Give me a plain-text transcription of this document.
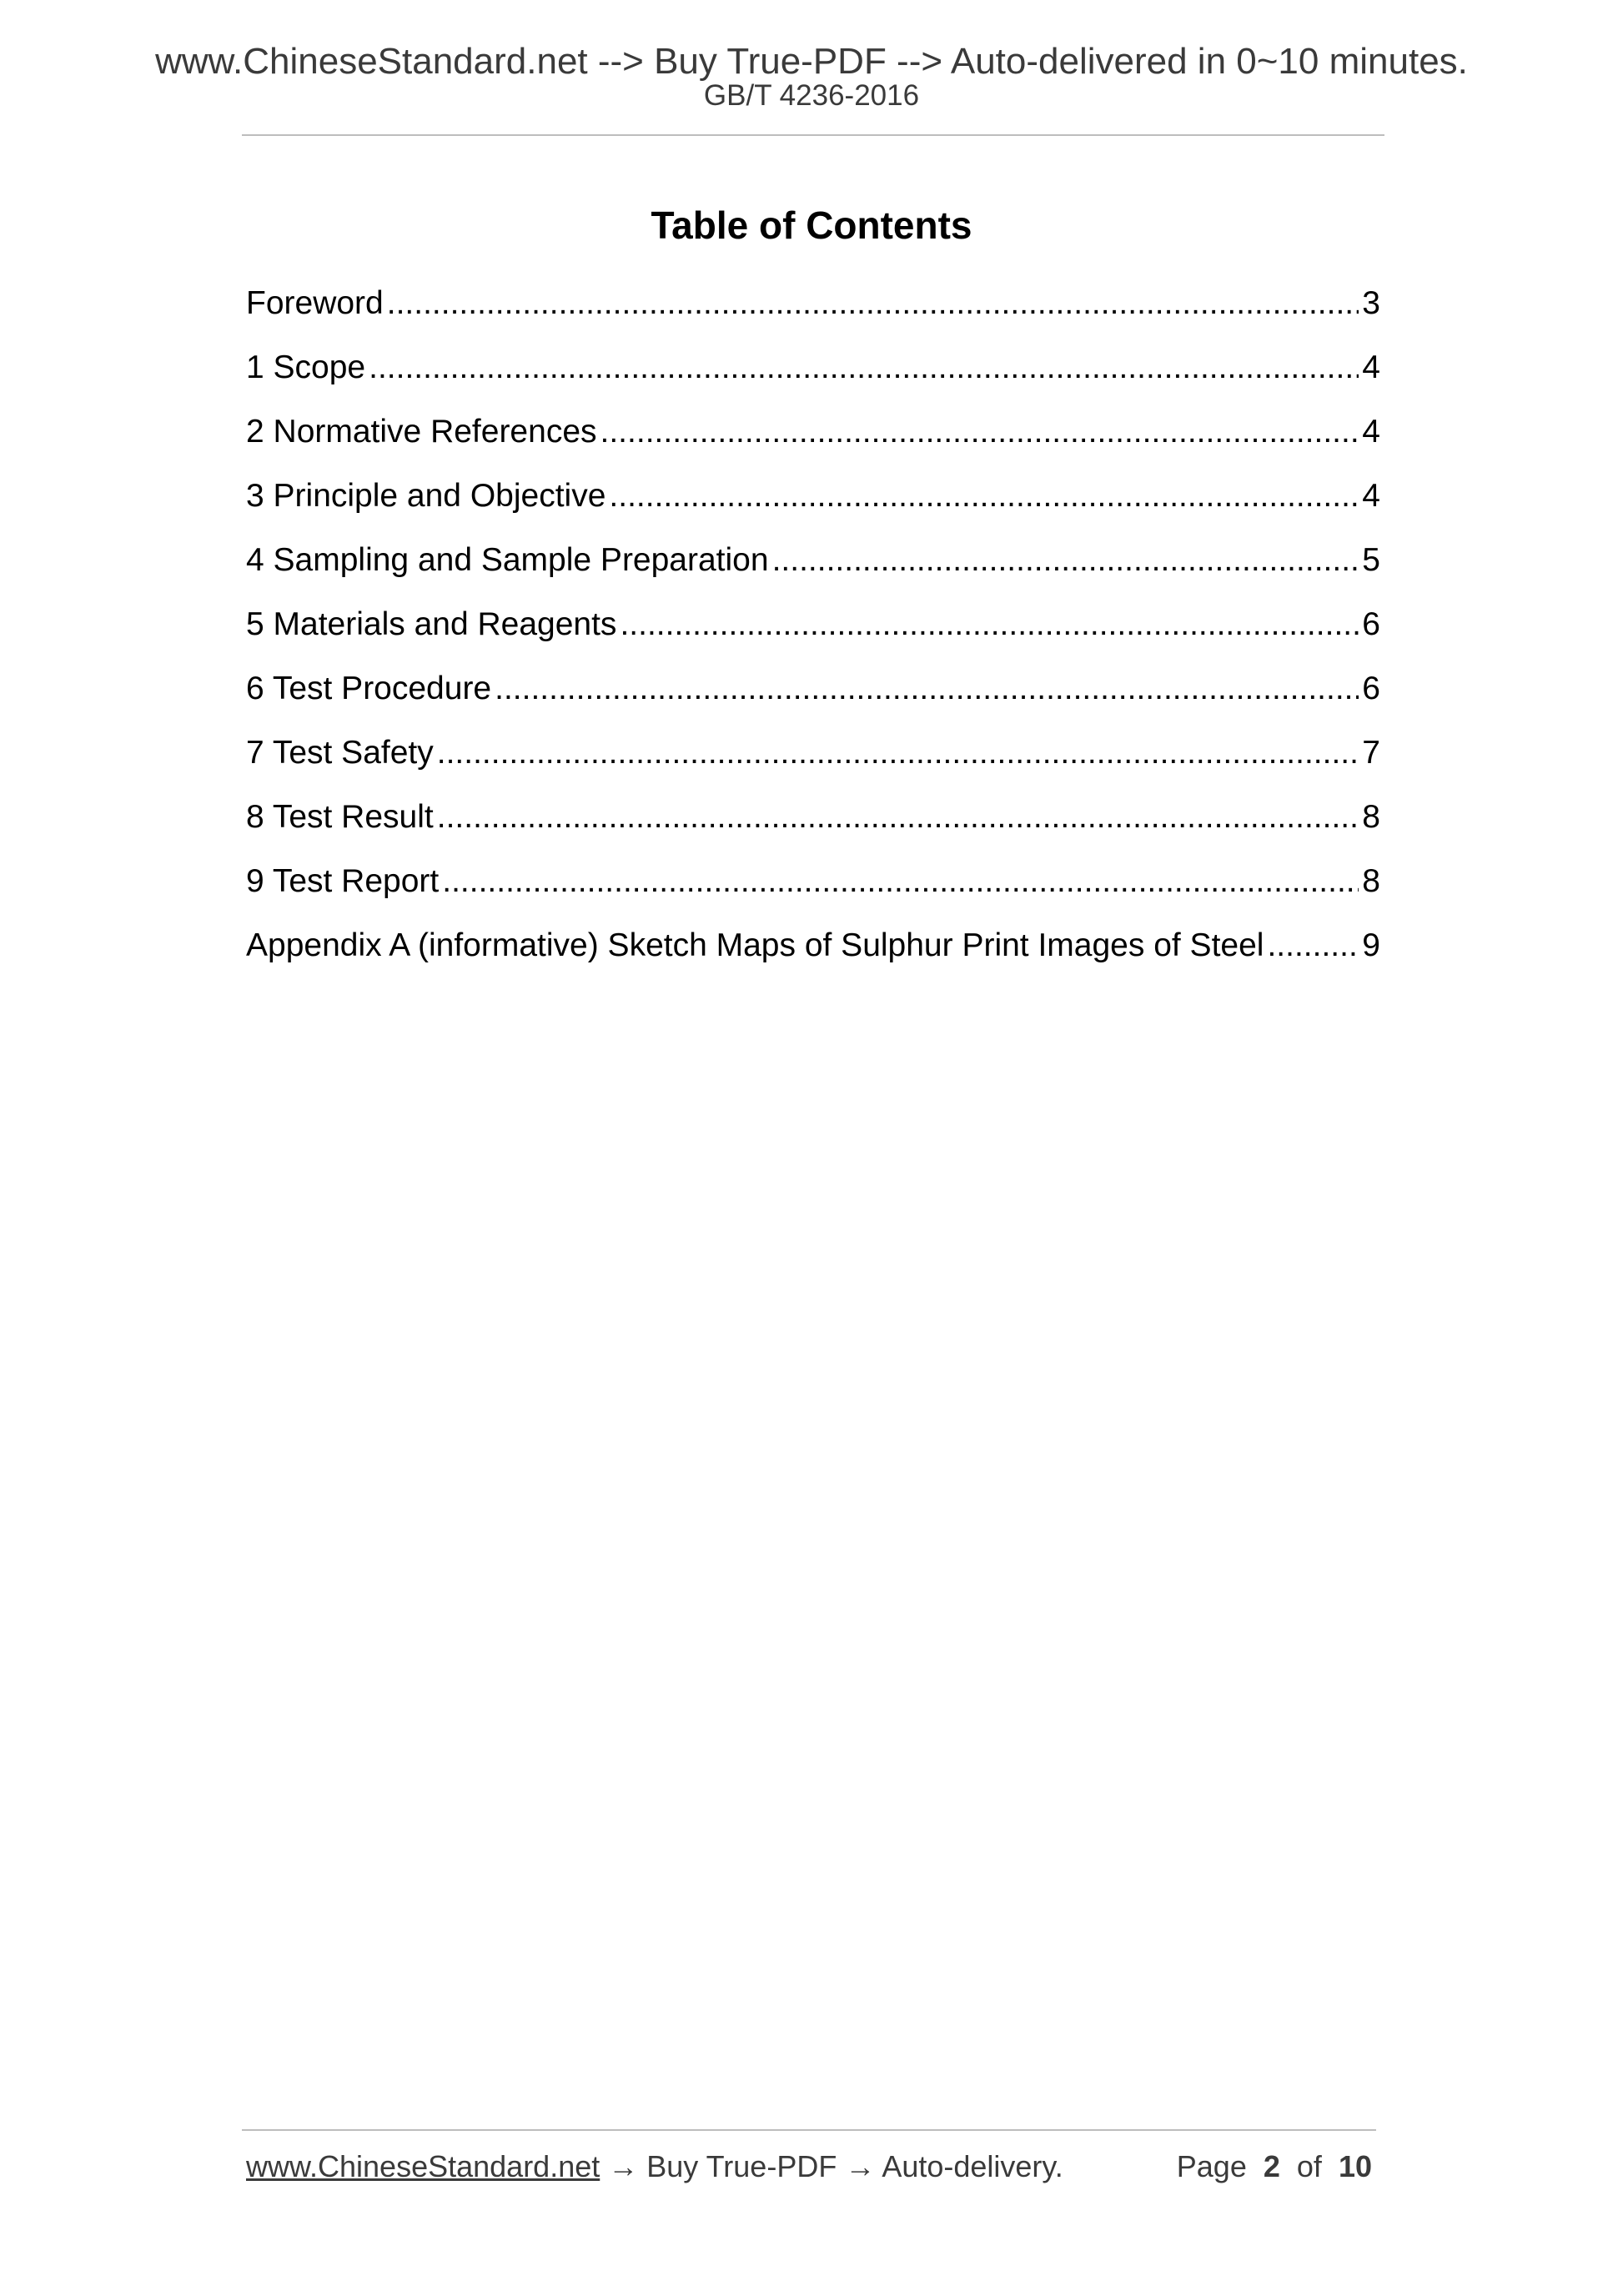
www.ChineseStandard.net --> Buy True-PDF --> Auto-delivered in 0~10 minutes.
GB/T 4236-2016
Table of Contents
Foreword .....	3
1 Scope .....	4
2 Normative References .....	4
3 Principle and Objective .....	4
4 Sampling and Sample Preparation .....	5
5 Materials and Reagents .....	6
6 Test Procedure .....	6
7 Test Safety .....	7
8 Test Result .....	8
9 Test Report .....	8
Appendix A (informative) Sketch Maps of Sulphur Print Images of Steel .....	9
www.ChineseStandard.net → Buy True-PDF → Auto-delivery.	Page 2 of 10
